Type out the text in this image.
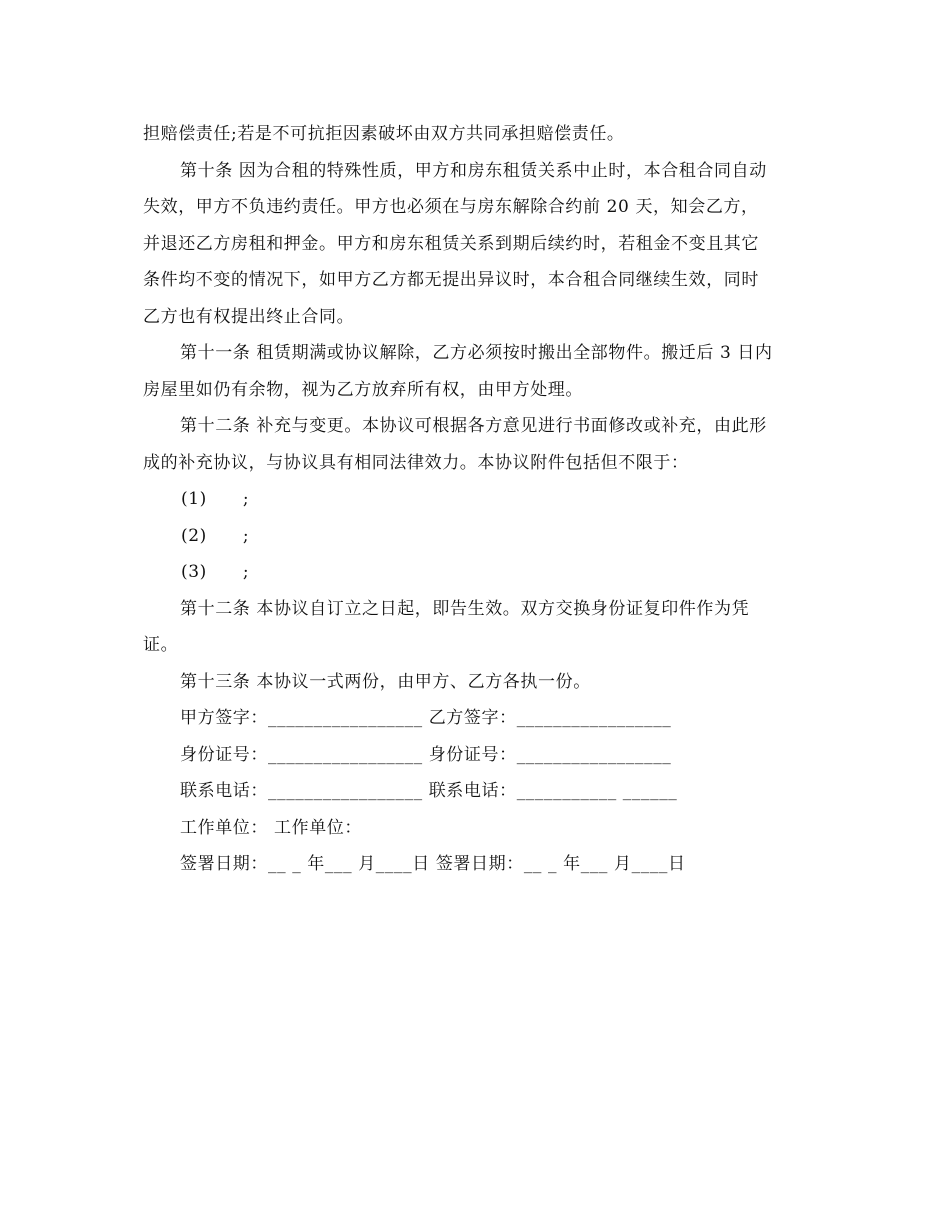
担赔偿责任;若是不可抗拒因素破坏由双方共同承担赔偿责任。
第十条 因为合租的特殊性质，甲方和房东租赁关系中止时，本合租合同自动
失效，甲方不负违约责任。甲方也必须在与房东解除合约前 20 天，知会乙方，
并退还乙方房租和押金。甲方和房东租赁关系到期后续约时，若租金不变且其它
条件均不变的情况下，如甲方乙方都无提出异议时，本合租合同继续生效，同时
乙方也有权提出终止合同。
第十一条 租赁期满或协议解除，乙方必须按时搬出全部物件。搬迁后 3 日内
房屋里如仍有余物，视为乙方放弃所有权，由甲方处理。
第十二条 补充与变更。本协议可根据各方意见进行书面修改或补充，由此形
成的补充协议，与协议具有相同法律效力。本协议附件包括但不限于：
(1)      ;
(2)      ;
(3)      ;
第十二条 本协议自订立之日起，即告生效。双方交换身份证复印件作为凭
证。
第十三条 本协议一式两份，由甲方、乙方各执一份。
甲方签字：_________________ 乙方签字：_________________
身份证号：_________________ 身份证号：_________________
联系电话：_________________ 联系电话：___________ ______
工作单位： 工作单位：
签署日期：__ _ 年___ 月____日 签署日期：__ _ 年___ 月____日
